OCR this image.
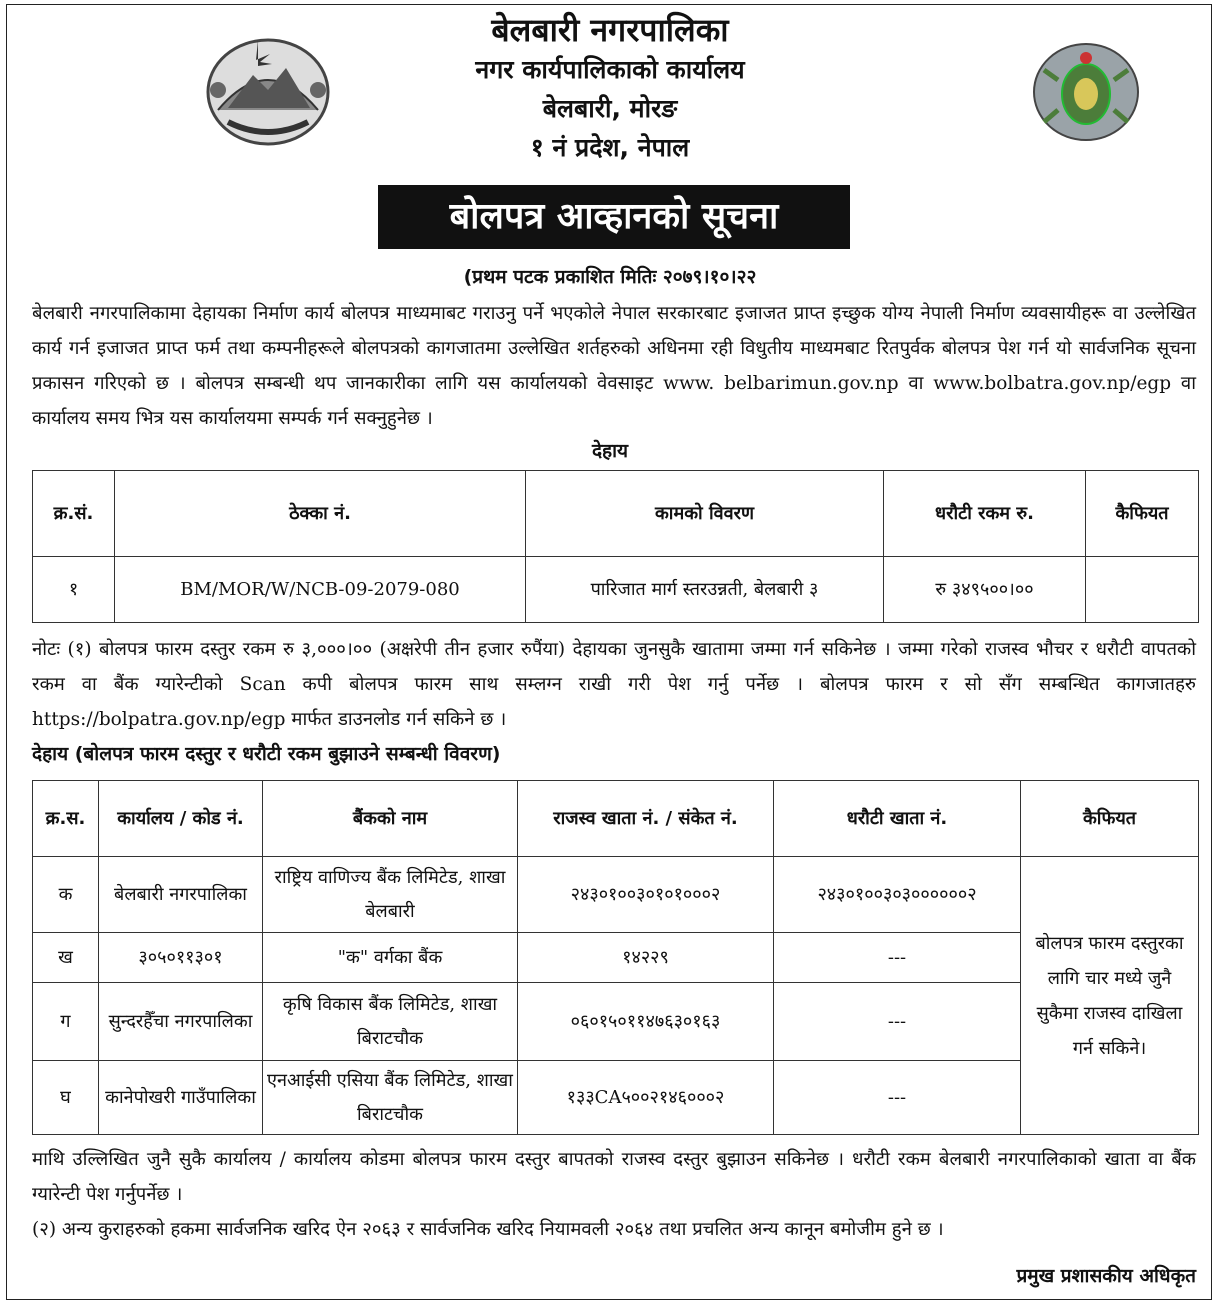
बेलबारी नगरपालिका
नगर कार्यपालिकाको कार्यालय
बेलबारी, मोरङ
१ नं प्रदेश, नेपाल
बोलपत्र आव्हानको सूचना
(प्रथम पटक प्रकाशित मितिः २०७९।१०।२२
बेलबारी नगरपालिकामा देहायका निर्माण कार्य बोलपत्र माध्यमाबट गराउनु पर्ने भएकोले नेपाल सरकारबाट इजाजत प्राप्त इच्छुक योग्य नेपाली निर्माण व्यवसायीहरू वा उल्लेखित कार्य गर्न इजाजत प्राप्त फर्म तथा कम्पनीहरूले बोलपत्रको कागजातमा उल्लेखित शर्तहरुको अधिनमा रही विधुतीय माध्यमबाट रितपुर्वक बोलपत्र पेश गर्न यो सार्वजनिक सूचना प्रकासन गरिएको छ । बोलपत्र सम्बन्धी थप जानकारीका लागि यस कार्यालयको वेवसाइट www. belbarimun.gov.np वा www.bolbatra.gov.np/egp वा कार्यालय समय भित्र यस कार्यालयमा सम्पर्क गर्न सक्नुहुनेछ ।
देहाय
क्र.सं.	ठेक्का नं.	कामको विवरण	धरौटी रकम रु.	कैफियत
१	BM/MOR/W/NCB-09-2079-080	पारिजात मार्ग स्तरउन्नती, बेलबारी ३	रु ३४९५००।००	
नोटः (१) बोलपत्र फारम दस्तुर रकम रु ३,०००।०० (अक्षरेपी तीन हजार रुपैंया) देहायका जुनसुकै खातामा जम्मा गर्न सकिनेछ । जम्मा गरेको राजस्व भौचर र धरौटी वापतको रकम वा बैंक ग्यारेन्टीको Scan कपी बोलपत्र फारम साथ सम्लग्न राखी गरी पेश गर्नु पर्नेछ । बोलपत्र फारम र सो सँग सम्बन्धित कागजातहरु https://bolpatra.gov.np/egp मार्फत डाउनलोड गर्न सकिने छ ।
देहाय (बोलपत्र फारम दस्तुर र धरौटी रकम बुझाउने सम्बन्धी विवरण)
क्र.स.	कार्यालय / कोड नं.	बैंकको नाम	राजस्व खाता नं. / संकेत नं.	धरौटी खाता नं.	कैफियत
क	बेलबारी नगरपालिका	राष्ट्रिय वाणिज्य बैंक लिमिटेड, शाखा बेलबारी	२४३०१००३०१०१०००२	२४३०१००३०३००००००२	बोलपत्र फारम दस्तुरका लागि चार मध्ये जुनै सुकैमा राजस्व दाखिला गर्न सकिने।
ख	३०५०११३०१	"क" वर्गका बैंक	१४२२९	---	
ग	सुन्दरहैँचा नगरपालिका	कृषि विकास बैंक लिमिटेड, शाखा बिराटचौक	०६०१५०११४७६३०१६३	---	
घ	कानेपोखरी गाउँपालिका	एनआईसी एसिया बैंक लिमिटेड, शाखा बिराटचौक	१३३CA५००२१४६०००२	---	
माथि उल्लिखित जुनै सुकै कार्यालय / कार्यालय कोडमा बोलपत्र फारम दस्तुर बापतको राजस्व दस्तुर बुझाउन सकिनेछ । धरौटी रकम बेलबारी नगरपालिकाको खाता वा बैंक ग्यारेन्टी पेश गर्नुपर्नेछ ।
(२) अन्य कुराहरुको हकमा सार्वजनिक खरिद ऐन २०६३ र सार्वजनिक खरिद नियामवली २०६४ तथा प्रचलित अन्य कानून बमोजीम हुने छ ।
प्रमुख प्रशासकीय अधिकृत
